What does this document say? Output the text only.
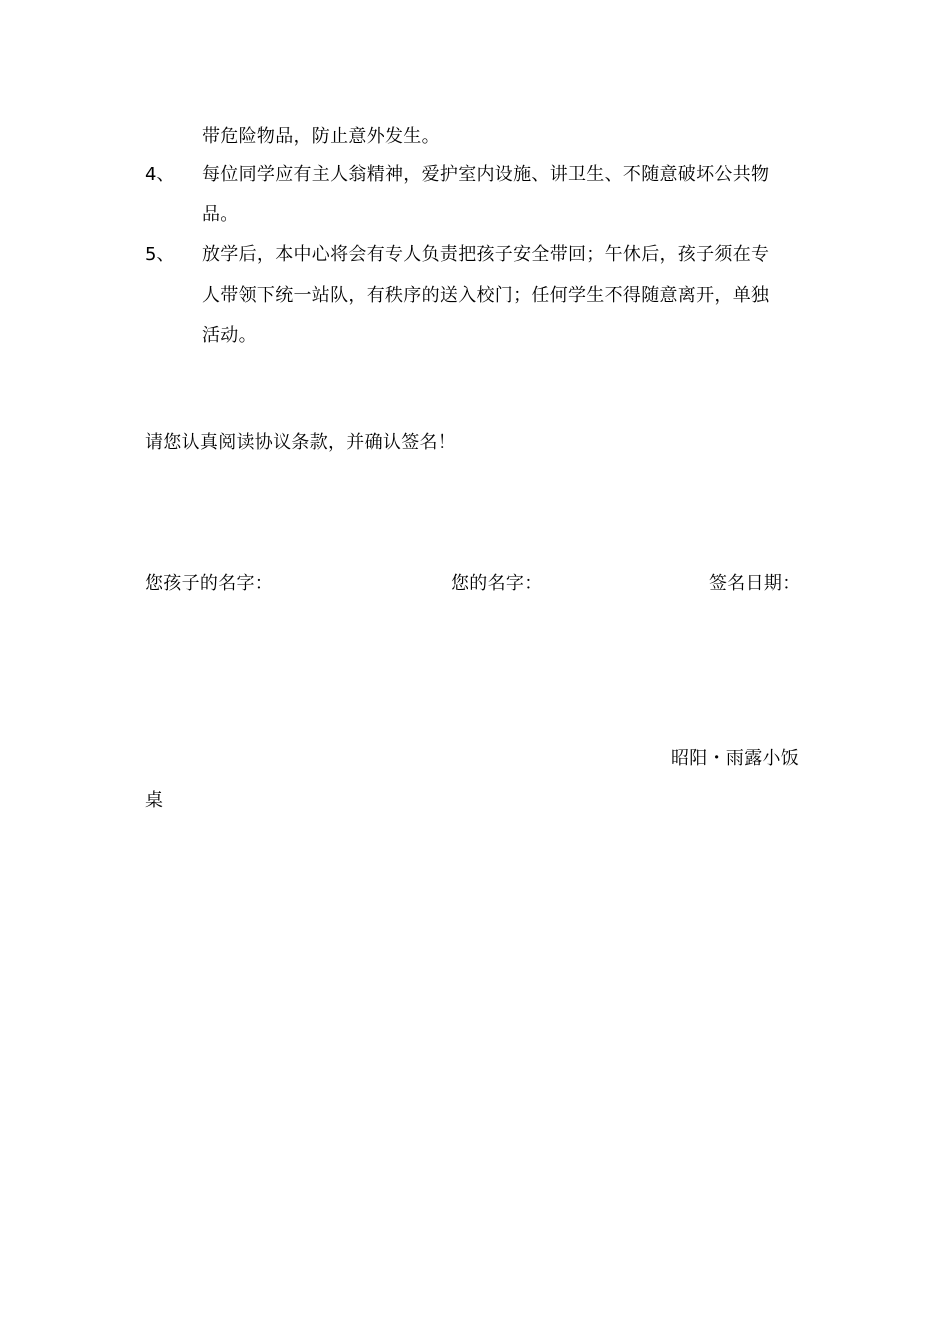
带危险物品，防止意外发生。
4、 每位同学应有主人翁精神，爱护室内设施、讲卫生、不随意破坏公共物
品。
5、 放学后，本中心将会有专人负责把孩子安全带回；午休后，孩子须在专
人带领下统一站队，有秩序的送入校门；任何学生不得随意离开，单独
活动。
请您认真阅读协议条款，并确认签名！
您孩子的名字：	您的名字：	签名日期：
昭阳・雨露小饭
桌
